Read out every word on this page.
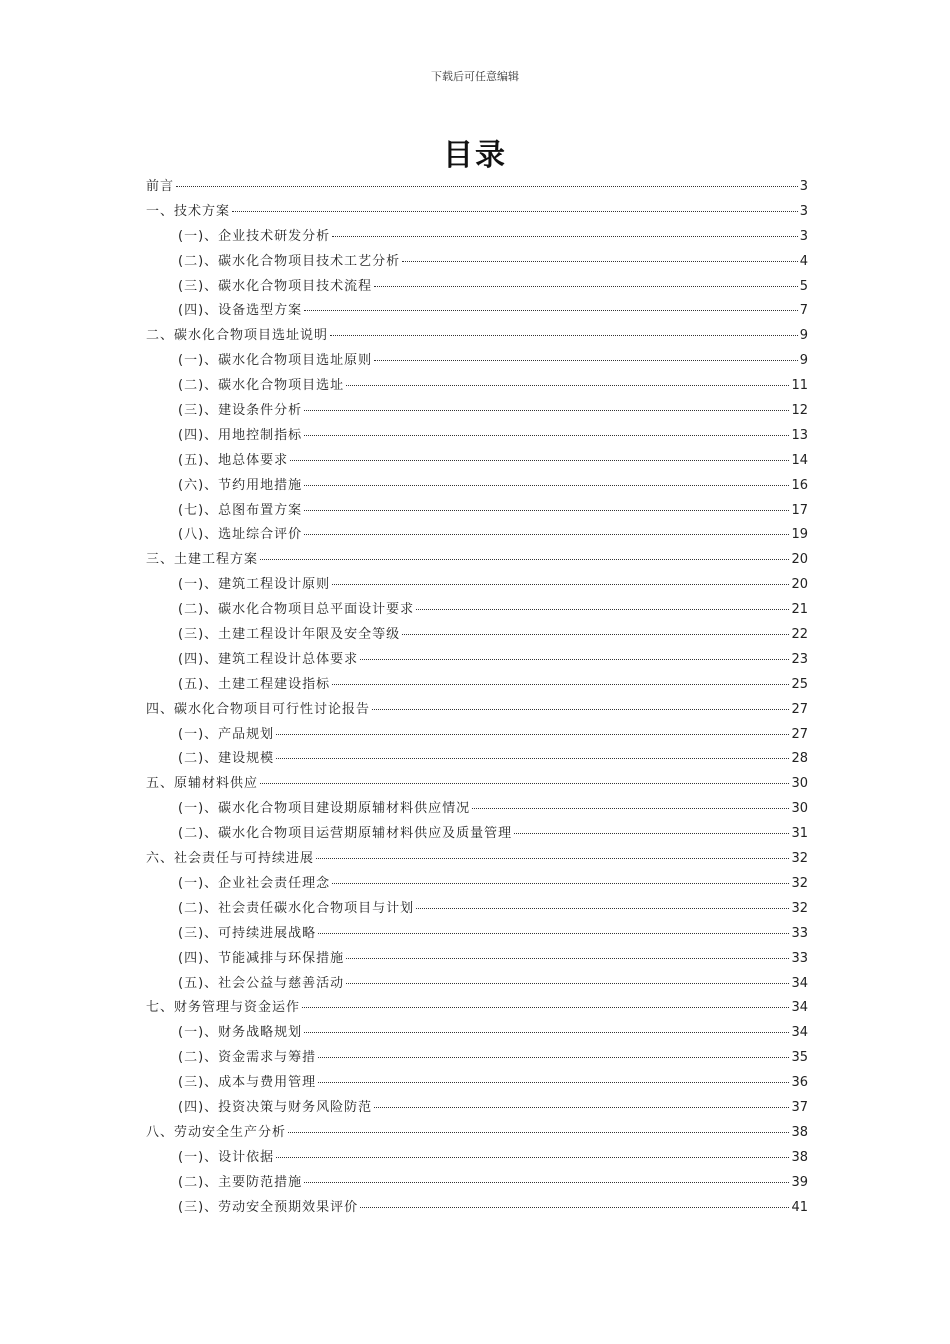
下载后可任意编辑
目录
前言	3
一、技术方案	3
(一)、企业技术研发分析	3
(二)、碳水化合物项目技术工艺分析	4
(三)、碳水化合物项目技术流程	5
(四)、设备选型方案	7
二、碳水化合物项目选址说明	9
(一)、碳水化合物项目选址原则	9
(二)、碳水化合物项目选址	11
(三)、建设条件分析	12
(四)、用地控制指标	13
(五)、地总体要求	14
(六)、节约用地措施	16
(七)、总图布置方案	17
(八)、选址综合评价	19
三、土建工程方案	20
(一)、建筑工程设计原则	20
(二)、碳水化合物项目总平面设计要求	21
(三)、土建工程设计年限及安全等级	22
(四)、建筑工程设计总体要求	23
(五)、土建工程建设指标	25
四、碳水化合物项目可行性讨论报告	27
(一)、产品规划	27
(二)、建设规模	28
五、原辅材料供应	30
(一)、碳水化合物项目建设期原辅材料供应情况	30
(二)、碳水化合物项目运营期原辅材料供应及质量管理	31
六、社会责任与可持续进展	32
(一)、企业社会责任理念	32
(二)、社会责任碳水化合物项目与计划	32
(三)、可持续进展战略	33
(四)、节能减排与环保措施	33
(五)、社会公益与慈善活动	34
七、财务管理与资金运作	34
(一)、财务战略规划	34
(二)、资金需求与筹措	35
(三)、成本与费用管理	36
(四)、投资决策与财务风险防范	37
八、劳动安全生产分析	38
(一)、设计依据	38
(二)、主要防范措施	39
(三)、劳动安全预期效果评价	41
